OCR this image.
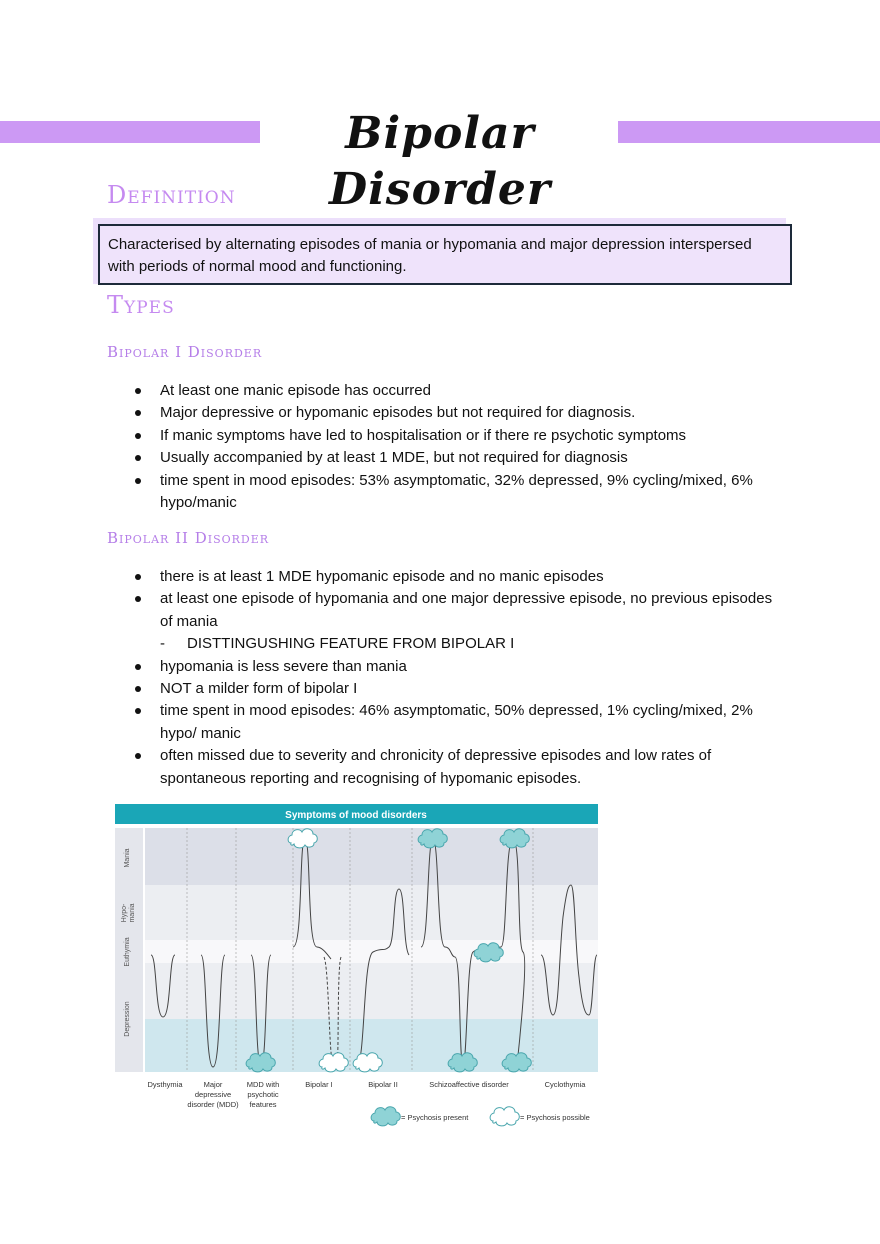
Bipolar Disorder
Definition
Characterised by alternating episodes of mania or hypomania and major depression interspersed with periods of normal mood and functioning.
Types
Bipolar I Disorder
At least one manic episode has occurred
Major depressive or hypomanic episodes but not required for diagnosis.
If manic symptoms have led to hospitalisation or if there re psychotic symptoms
Usually accompanied by at least 1 MDE, but not required for diagnosis
time spent in mood episodes: 53% asymptomatic, 32% depressed, 9% cycling/mixed, 6% hypo/manic
Bipolar II Disorder
there is at least 1 MDE hypomanic episode and no manic episodes
at least one episode of hypomania and one major depressive episode, no previous episodes of mania
- DISTTINGUSHING FEATURE FROM BIPOLAR I
hypomania is less severe than mania
NOT a milder form of bipolar I
time spent in mood episodes: 46% asymptomatic, 50% depressed, 1% cycling/mixed, 2% hypo/ manic
often missed due to severity and chronicity of depressive episodes and low rates of spontaneous reporting and recognising of hypomanic episodes.
Symptoms of mood disorders
Mania
Hypo- mania
Euthymia
Depression
Dysthymia	Major
depressive
disorder (MDD)
MDD with
psychotic
features
Bipolar I	Bipolar II	Schizoaffective disorder	Cyclothymia
= Psychosis present	= Psychosis possible
